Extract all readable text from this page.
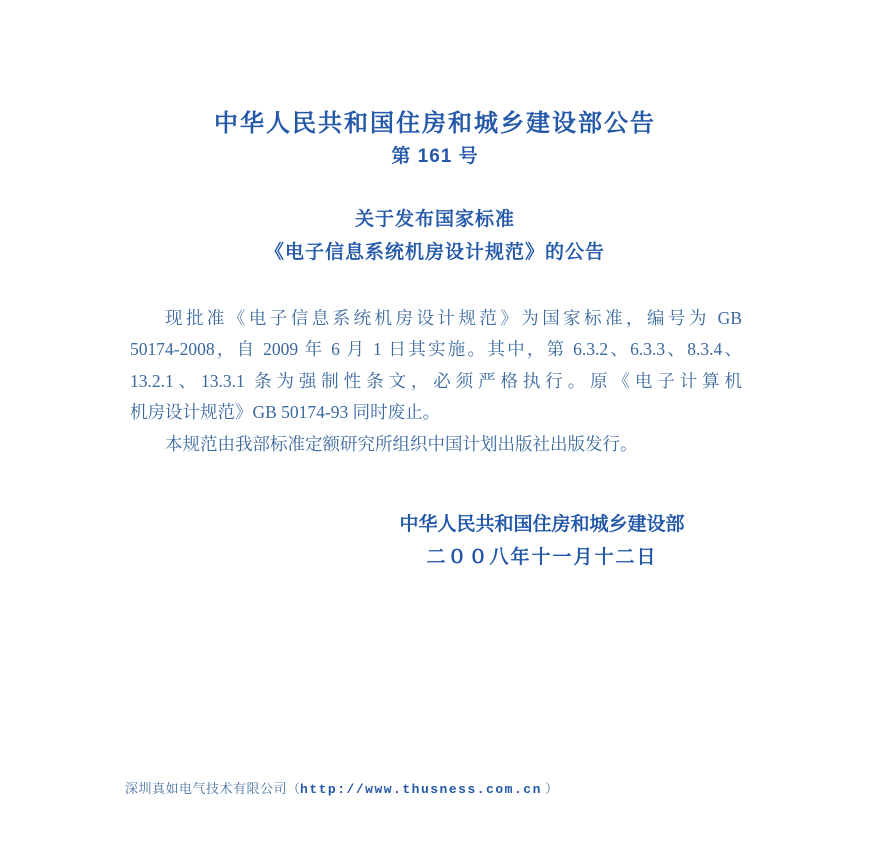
中华人民共和国住房和城乡建设部公告
第 161 号
关于发布国家标准
《电子信息系统机房设计规范》的公告
现批准《电子信息系统机房设计规范》为国家标准，编号为 GB
50174-2008，自 2009 年 6 月 1 日其实施。其中，第 6.3.2、6.3.3、8.3.4、
13.2.1、13.3.1 条为强制性条文，必须严格执行。原《电子计算机
机房设计规范》GB 50174-93 同时废止。
本规范由我部标准定额研究所组织中国计划出版社出版发行。
中华人民共和国住房和城乡建设部
二００八年十一月十二日
深圳真如电气技术有限公司（http://www.thusness.com.cn ）
